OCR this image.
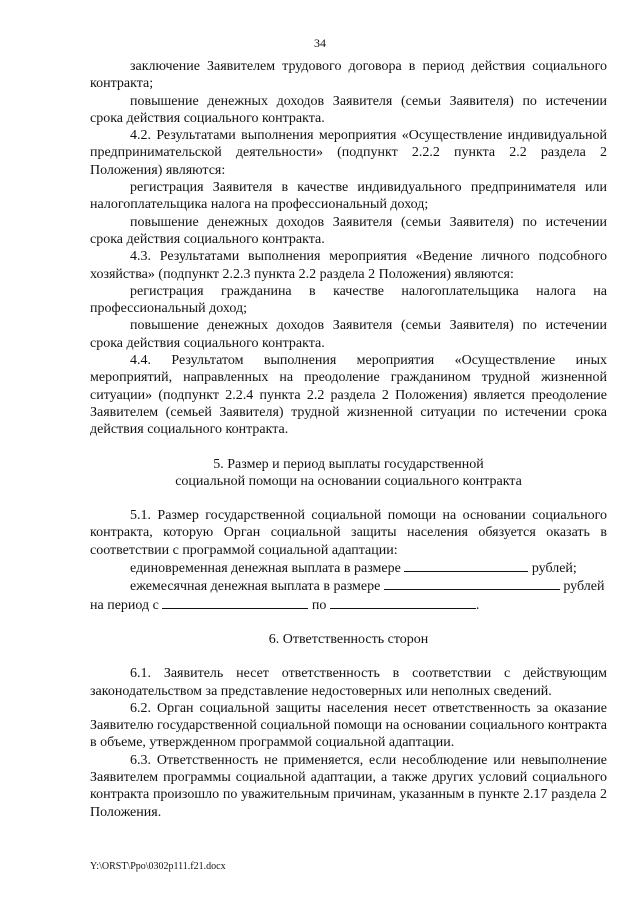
34

заключение Заявителем трудового договора в период действия социального контракта;

повышение денежных доходов Заявителя (семьи Заявителя) по истечении срока действия социального контракта.

4.2. Результатами выполнения мероприятия «Осуществление индивидуальной предпринимательской деятельности» (подпункт 2.2.2 пункта 2.2 раздела 2 Положения) являются:

регистрация Заявителя в качестве индивидуального предпринимателя или налогоплательщика налога на профессиональный доход;

повышение денежных доходов Заявителя (семьи Заявителя) по истечении срока действия социального контракта.

4.3. Результатами выполнения мероприятия «Ведение личного подсобного хозяйства» (подпункт 2.2.3 пункта 2.2 раздела 2 Положения) являются:

регистрация гражданина в качестве налогоплательщика налога на профессиональный доход;

повышение денежных доходов Заявителя (семьи Заявителя) по истечении срока действия социального контракта.

4.4. Результатом выполнения мероприятия «Осуществление иных мероприятий, направленных на преодоление гражданином трудной жизненной ситуации» (подпункт 2.2.4 пункта 2.2 раздела 2 Положения) является преодоление Заявителем (семьей Заявителя) трудной жизненной ситуации по истечении срока действия социального контракта.

5. Размер и период выплаты государственной

социальной помощи на основании социального контракта

5.1. Размер государственной социальной помощи на основании социального контракта, которую Орган социальной защиты населения обязуется оказать в соответствии с программой социальной адаптации:

единовременная денежная выплата в размере	рублей;

ежемесячная денежная выплата в размере	рублей

на период с	по	.

6. Ответственность сторон

6.1. Заявитель несет ответственность в соответствии с действующим законодательством за представление недостоверных или неполных сведений.

6.2. Орган социальной защиты населения несет ответственность за оказание Заявителю государственной социальной помощи на основании социального контракта в объеме, утвержденном программой социальной адаптации.

6.3. Ответственность не применяется, если несоблюдение или невыполнение Заявителем программы социальной адаптации, а также других условий социального контракта произошло по уважительным причинам, указанным в пункте 2.17 раздела 2 Положения.

Y:\ORST\Ppo\0302p111.f21.docx
